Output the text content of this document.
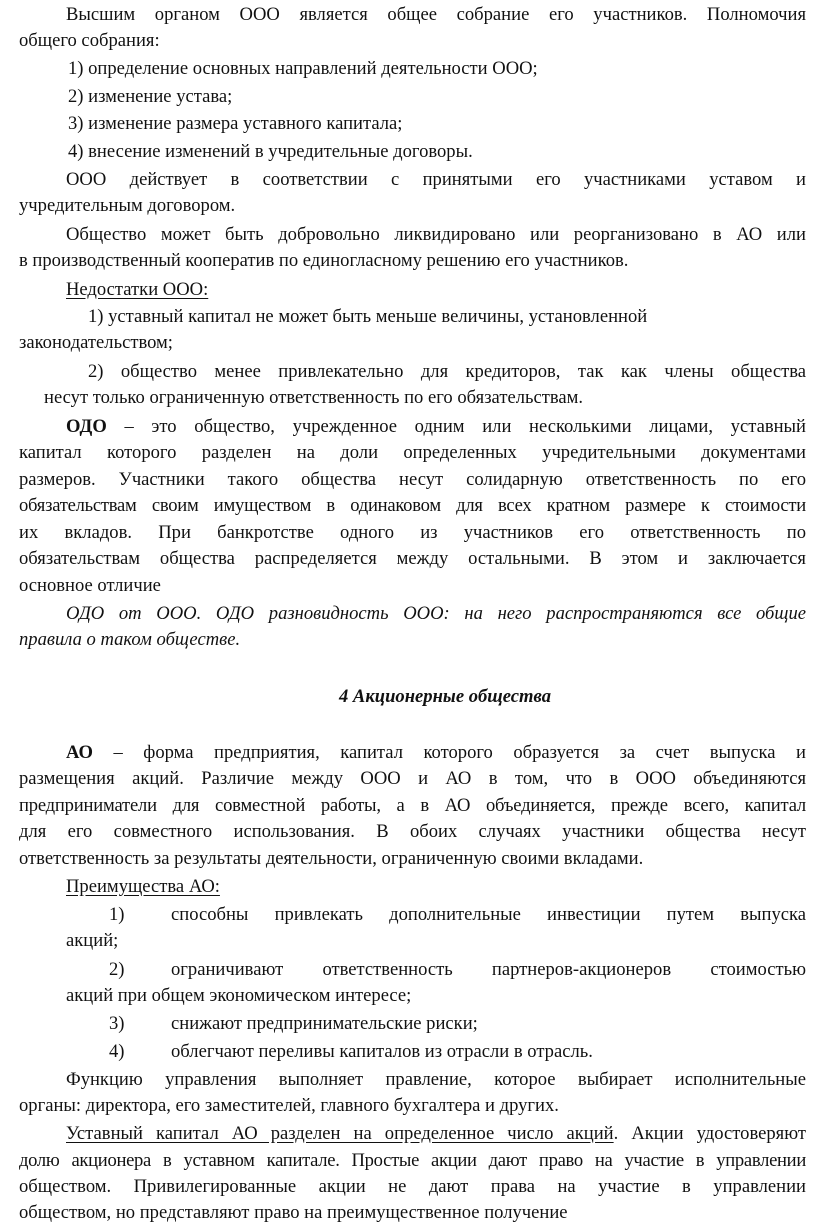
Высшим органом ООО является общее собрание его участников. Полномочия
общего собрания:
1) определение основных направлений деятельности ООО;
2) изменение устава;
3) изменение размера уставного капитала;
4) внесение изменений в учредительные договоры.
ООО действует в соответствии с принятыми его участниками уставом и
учредительным договором.
Общество может быть добровольно ликвидировано или реорганизовано в АО или
в производственный кооператив по единогласному решению его участников.
Недостатки ООО:
1) уставный капитал не может быть меньше величины, установленной
законодательством;
2) общество менее привлекательно для кредиторов, так как члены общества
несут только ограниченную ответственность по его обязательствам.
ОДО – это общество, учрежденное одним или несколькими лицами, уставный
капитал которого разделен на доли определенных учредительными документами
размеров. Участники такого общества несут солидарную ответственность по его
обязательствам своим имуществом в одинаковом для всех кратном размере к стоимости
их вкладов. При банкротстве одного из участников его ответственность по
обязательствам общества распределяется между остальными. В этом и заключается
основное отличие
ОДО от ООО. ОДО разновидность ООО: на него распространяются все общие
правила о таком обществе.
4 Акционерные общества
АО – форма предприятия, капитал которого образуется за счет выпуска и
размещения акций. Различие между ООО и АО в том, что в ООО объединяются
предприниматели для совместной работы, а в АО объединяется, прежде всего, капитал
для его совместного использования. В обоих случаях участники общества несут
ответственность за результаты деятельности, ограниченную своими вкладами.
Преимущества АО:
1)	способны привлекать дополнительные инвестиции путем выпуска
акций;
2)	ограничивают ответственность партнеров-акционеров стоимостью
акций при общем экономическом интересе;
3)	снижают предпринимательские риски;
4)	облегчают переливы капиталов из отрасли в отрасль.
Функцию управления выполняет правление, которое выбирает исполнительные
органы: директора, его заместителей, главного бухгалтера и других.
Уставный капитал АО разделен на определенное число акций. Акции удостоверяют
долю акционера в уставном капитале. Простые акции дают право на участие в управлении
обществом. Привилегированные акции не дают права на участие в управлении
обществом, но представляют право на преимущественное получение
